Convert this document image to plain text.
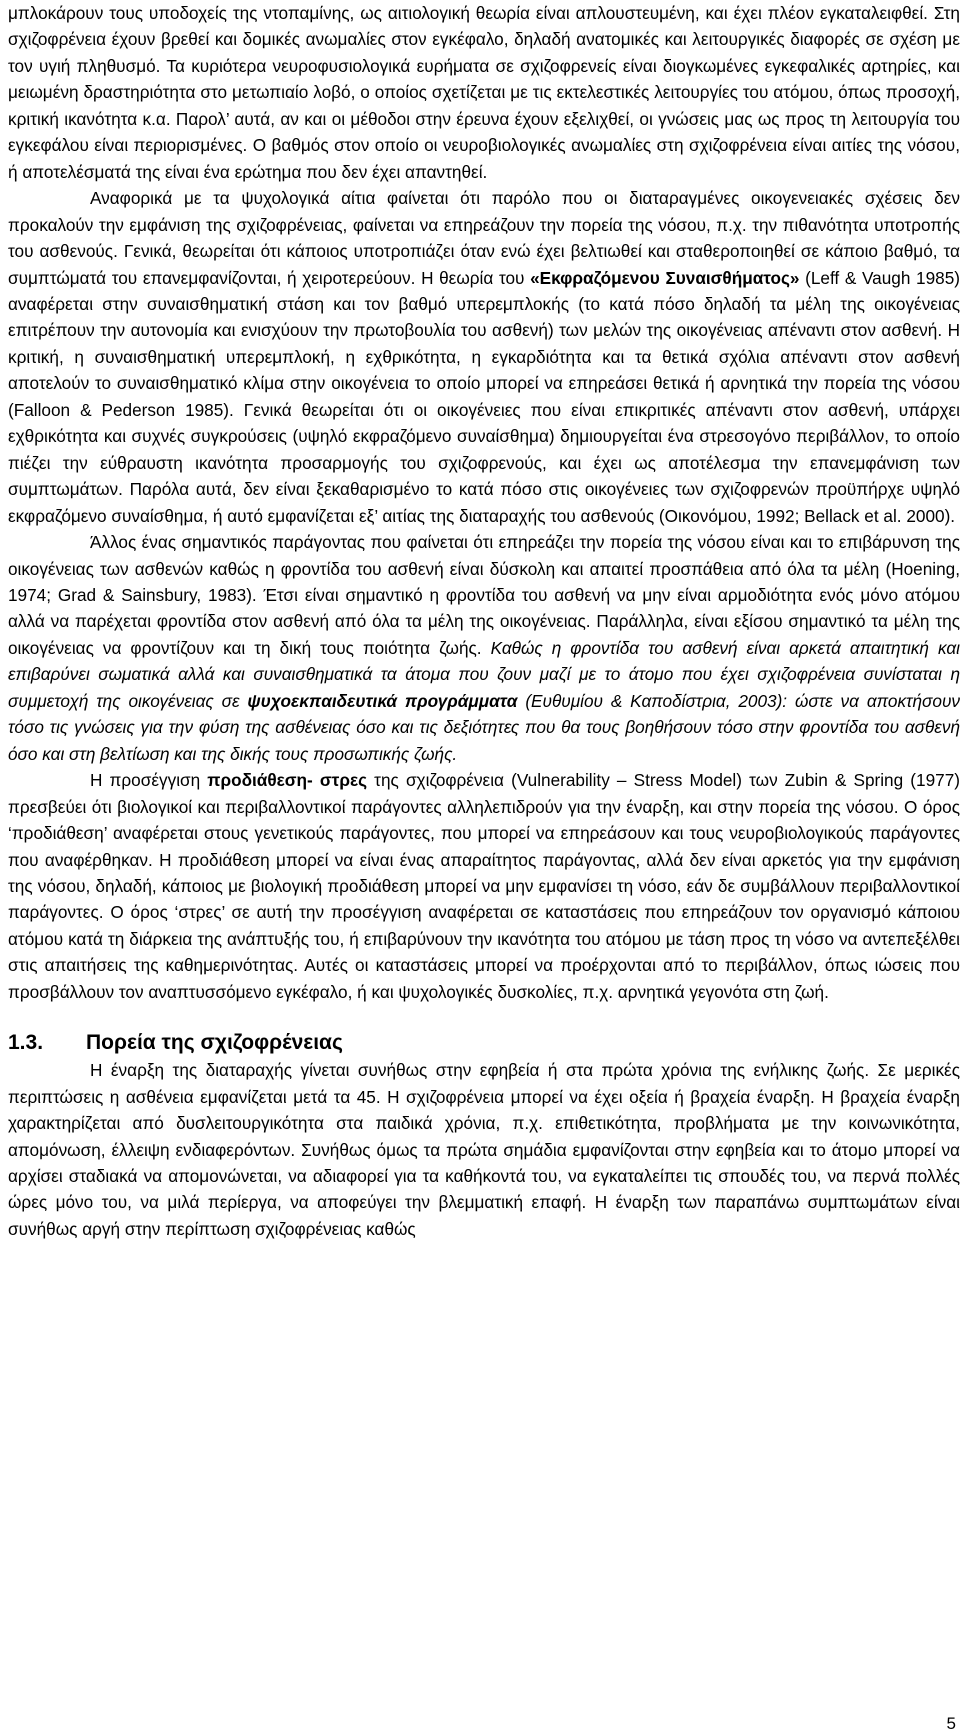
μπλοκάρουν τους υποδοχείς της ντοπαμίνης, ως αιτιολογική θεωρία είναι απλουστευμένη, και έχει πλέον εγκαταλειφθεί. Στη σχιζοφρένεια έχουν βρεθεί και δομικές ανωμαλίες στον εγκέφαλο, δηλαδή ανατομικές και λειτουργικές διαφορές σε σχέση με τον υγιή πληθυσμό. Τα κυριότερα νευροφυσιολογικά ευρήματα σε σχιζοφρενείς είναι διογκωμένες εγκεφαλικές αρτηρίες, και μειωμένη δραστηριότητα στο μετωπιαίο λοβό, ο οποίος σχετίζεται με τις εκτελεστικές λειτουργίες του ατόμου, όπως προσοχή, κριτική ικανότητα κ.α. Παρολ’ αυτά, αν και οι μέθοδοι στην έρευνα έχουν εξελιχθεί, οι γνώσεις μας ως προς τη λειτουργία του εγκεφάλου είναι περιορισμένες. Ο βαθμός στον οποίο οι νευροβιολογικές ανωμαλίες στη σχιζοφρένεια είναι αιτίες της νόσου, ή αποτελέσματά της είναι ένα ερώτημα που δεν έχει απαντηθεί.

Αναφορικά με τα ψυχολογικά αίτια φαίνεται ότι παρόλο που οι διαταραγμένες οικογενειακές σχέσεις δεν προκαλούν την εμφάνιση της σχιζοφρένειας, φαίνεται να επηρεάζουν την πορεία της νόσου, π.χ. την πιθανότητα υποτροπής του ασθενούς. Γενικά, θεωρείται ότι κάποιος υποτροπιάζει όταν ενώ έχει βελτιωθεί και σταθεροποιηθεί σε κάποιο βαθμό, τα συμπτώματά του επανεμφανίζονται, ή χειροτερεύουν. Η θεωρία του «Εκφραζόμενου Συναισθήματος» (Leff & Vaugh 1985) αναφέρεται στην συναισθηματική στάση και τον βαθμό υπερεμπλοκής (το κατά πόσο δηλαδή τα μέλη της οικογένειας επιτρέπουν την αυτονομία και ενισχύουν την πρωτοβουλία του ασθενή) των μελών της οικογένειας απέναντι στον ασθενή. Η κριτική, η συναισθηματική υπερεμπλοκή, η εχθρικότητα, η εγκαρδιότητα και τα θετικά σχόλια απέναντι στον ασθενή αποτελούν το συναισθηματικό κλίμα στην οικογένεια το οποίο μπορεί να επηρεάσει θετικά ή αρνητικά την πορεία της νόσου (Falloon & Pederson 1985). Γενικά θεωρείται ότι οι οικογένειες που είναι επικριτικές απέναντι στον ασθενή, υπάρχει εχθρικότητα και συχνές συγκρούσεις (υψηλό εκφραζόμενο συναίσθημα) δημιουργείται ένα στρεσογόνο περιβάλλον, το οποίο πιέζει την εύθραυστη ικανότητα προσαρμογής του σχιζοφρενούς, και έχει ως αποτέλεσμα την επανεμφάνιση των συμπτωμάτων. Παρόλα αυτά, δεν είναι ξεκαθαρισμένο το κατά πόσο στις οικογένειες των σχιζοφρενών προϋπήρχε υψηλό εκφραζόμενο συναίσθημα, ή αυτό εμφανίζεται εξ’ αιτίας της διαταραχής του ασθενούς (Οικονόμου, 1992; Bellack et al. 2000).

Άλλος ένας σημαντικός παράγοντας που φαίνεται ότι επηρεάζει την πορεία της νόσου είναι και το επιβάρυνση της οικογένειας των ασθενών καθώς η φροντίδα του ασθενή είναι δύσκολη και απαιτεί προσπάθεια από όλα τα μέλη (Hoening, 1974; Grad & Sainsbury, 1983). Έτσι είναι σημαντικό η φροντίδα του ασθενή να μην είναι αρμοδιότητα ενός μόνο ατόμου αλλά να παρέχεται φροντίδα στον ασθενή από όλα τα μέλη της οικογένειας. Παράλληλα, είναι εξίσου σημαντικό τα μέλη της οικογένειας να φροντίζουν και τη δική τους ποιότητα ζωής. Καθώς η φροντίδα του ασθενή είναι αρκετά απαιτητική και επιβαρύνει σωματικά αλλά και συναισθηματικά τα άτομα που ζουν μαζί με το άτομο που έχει σχιζοφρένεια συνίσταται η συμμετοχή της οικογένειας σε ψυχοεκπαιδευτικά προγράμματα (Ευθυμίου & Καποδίστρια, 2003): ώστε να αποκτήσουν τόσο τις γνώσεις για την φύση της ασθένειας όσο και τις δεξιότητες που θα τους βοηθήσουν τόσο στην φροντίδα του ασθενή όσο και στη βελτίωση και της δικής τους προσωπικής ζωής.

Η προσέγγιση προδιάθεση- στρες της σχιζοφρένεια (Vulnerability – Stress Model) των Zubin & Spring (1977) πρεσβεύει ότι βιολογικοί και περιβαλλοντικοί παράγοντες αλληλεπιδρούν για την έναρξη, και στην πορεία της νόσου. Ο όρος ‘προδιάθεση’ αναφέρεται στους γενετικούς παράγοντες, που μπορεί να επηρεάσουν και τους νευροβιολογικούς παράγοντες που αναφέρθηκαν. Η προδιάθεση μπορεί να είναι ένας απαραίτητος παράγοντας, αλλά δεν είναι αρκετός για την εμφάνιση της νόσου, δηλαδή, κάποιος με βιολογική προδιάθεση μπορεί να μην εμφανίσει τη νόσο, εάν δε συμβάλλουν περιβαλλοντικοί παράγοντες. Ο όρος ‘στρες’ σε αυτή την προσέγγιση αναφέρεται σε καταστάσεις που επηρεάζουν τον οργανισμό κάποιου ατόμου κατά τη διάρκεια της ανάπτυξής του, ή επιβαρύνουν την ικανότητα του ατόμου με τάση προς τη νόσο να αντεπεξέλθει στις απαιτήσεις της καθημερινότητας. Αυτές οι καταστάσεις μπορεί να προέρχονται από το περιβάλλον, όπως ιώσεις που προσβάλλουν τον αναπτυσσόμενο εγκέφαλο, ή και ψυχολογικές δυσκολίες, π.χ. αρνητικά γεγονότα στη ζωή.

1.3. Πορεία της σχιζοφρένειας

Η έναρξη της διαταραχής γίνεται συνήθως στην εφηβεία ή στα πρώτα χρόνια της ενήλικης ζωής. Σε μερικές περιπτώσεις η ασθένεια εμφανίζεται μετά τα 45. Η σχιζοφρένεια μπορεί να έχει οξεία ή βραχεία έναρξη. Η βραχεία έναρξη χαρακτηρίζεται από δυσλειτουργικότητα στα παιδικά χρόνια, π.χ. επιθετικότητα, προβλήματα με την κοινωνικότητα, απομόνωση, έλλειψη ενδιαφερόντων. Συνήθως όμως τα πρώτα σημάδια εμφανίζονται στην εφηβεία και το άτομο μπορεί να αρχίσει σταδιακά να απομονώνεται, να αδιαφορεί για τα καθήκοντά του, να εγκαταλείπει τις σπουδές του, να περνά πολλές ώρες μόνο του, να μιλά περίεργα, να αποφεύγει την βλεμματική επαφή. Η έναρξη των παραπάνω συμπτωμάτων είναι συνήθως αργή στην περίπτωση σχιζοφρένειας καθώς

5
